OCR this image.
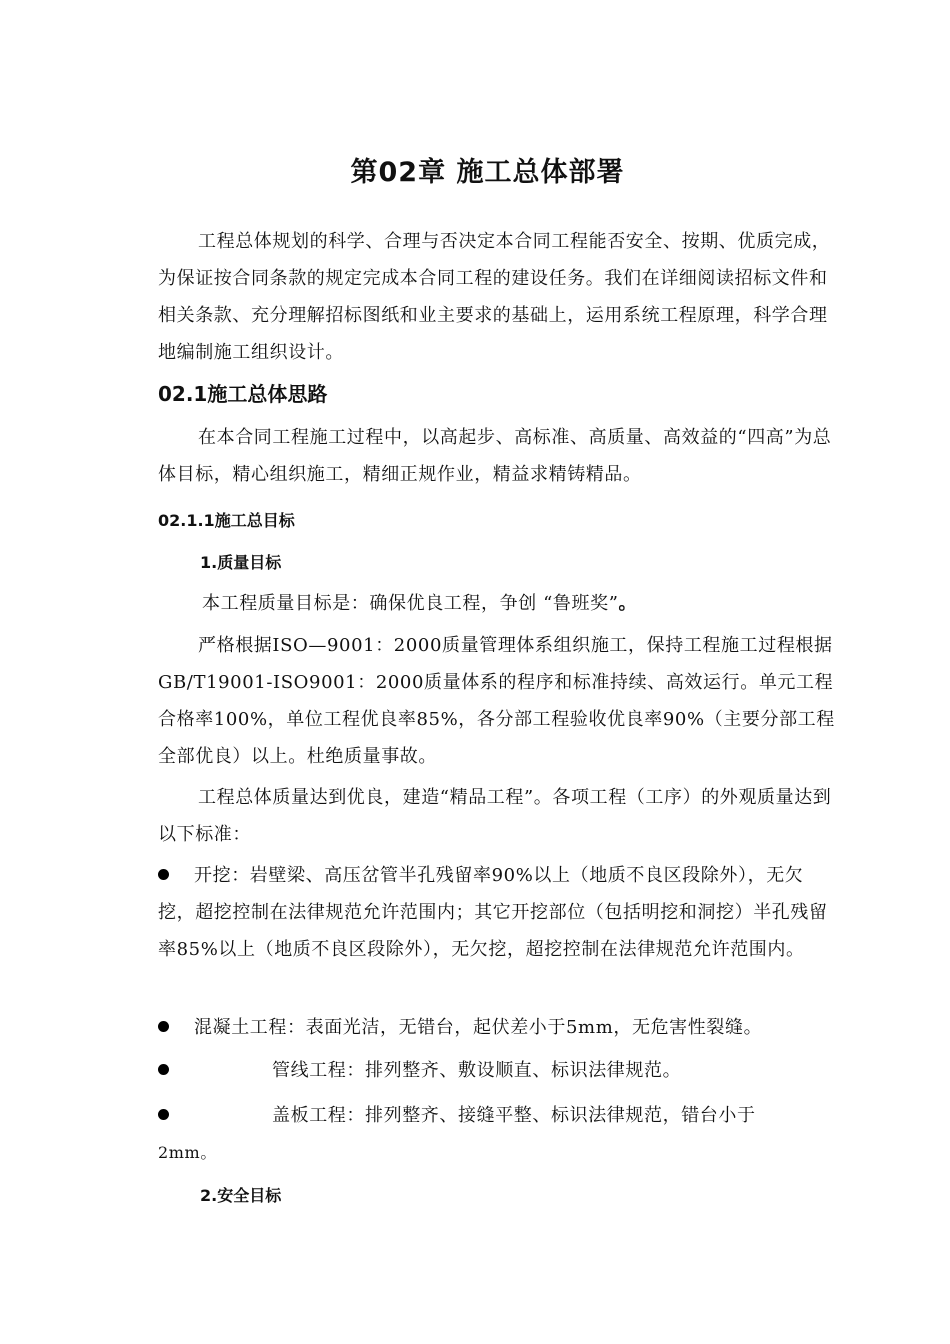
第02章 施工总体部署

工程总体规划的科学、合理与否决定本合同工程能否安全、按期、优质完成，为保证按合同条款的规定完成本合同工程的建设任务。我们在详细阅读招标文件和相关条款、充分理解招标图纸和业主要求的基础上，运用系统工程原理，科学合理地编制施工组织设计。

02.1施工总体思路

在本合同工程施工过程中，以高起步、高标准、高质量、高效益的“四高”为总体目标，精心组织施工，精细正规作业，精益求精铸精品。

02.1.1施工总目标
1.质量目标

本工程质量目标是：确保优良工程，争创 “鲁班奖”。

严格根据ISO—9001：2000质量管理体系组织施工，保持工程施工过程根据GB/T19001-ISO9001：2000质量体系的程序和标准持续、高效运行。单元工程合格率100%，单位工程优良率85%，各分部工程验收优良率90%（主要分部工程全部优良）以上。杜绝质量事故。

工程总体质量达到优良，建造“精品工程”。各项工程（工序）的外观质量达到以下标准：

开挖：岩壁梁、高压岔管半孔残留率90%以上（地质不良区段除外），无欠挖，超挖控制在法律规范允许范围内；其它开挖部位（包括明挖和洞挖）半孔残留率85%以上（地质不良区段除外），无欠挖，超挖控制在法律规范允许范围内。

混凝土工程：表面光洁，无错台，起伏差小于5mm，无危害性裂缝。

管线工程：排列整齐、敷设顺直、标识法律规范。

盖板工程：排列整齐、接缝平整、标识法律规范，错台小于

2mm。

2.安全目标
